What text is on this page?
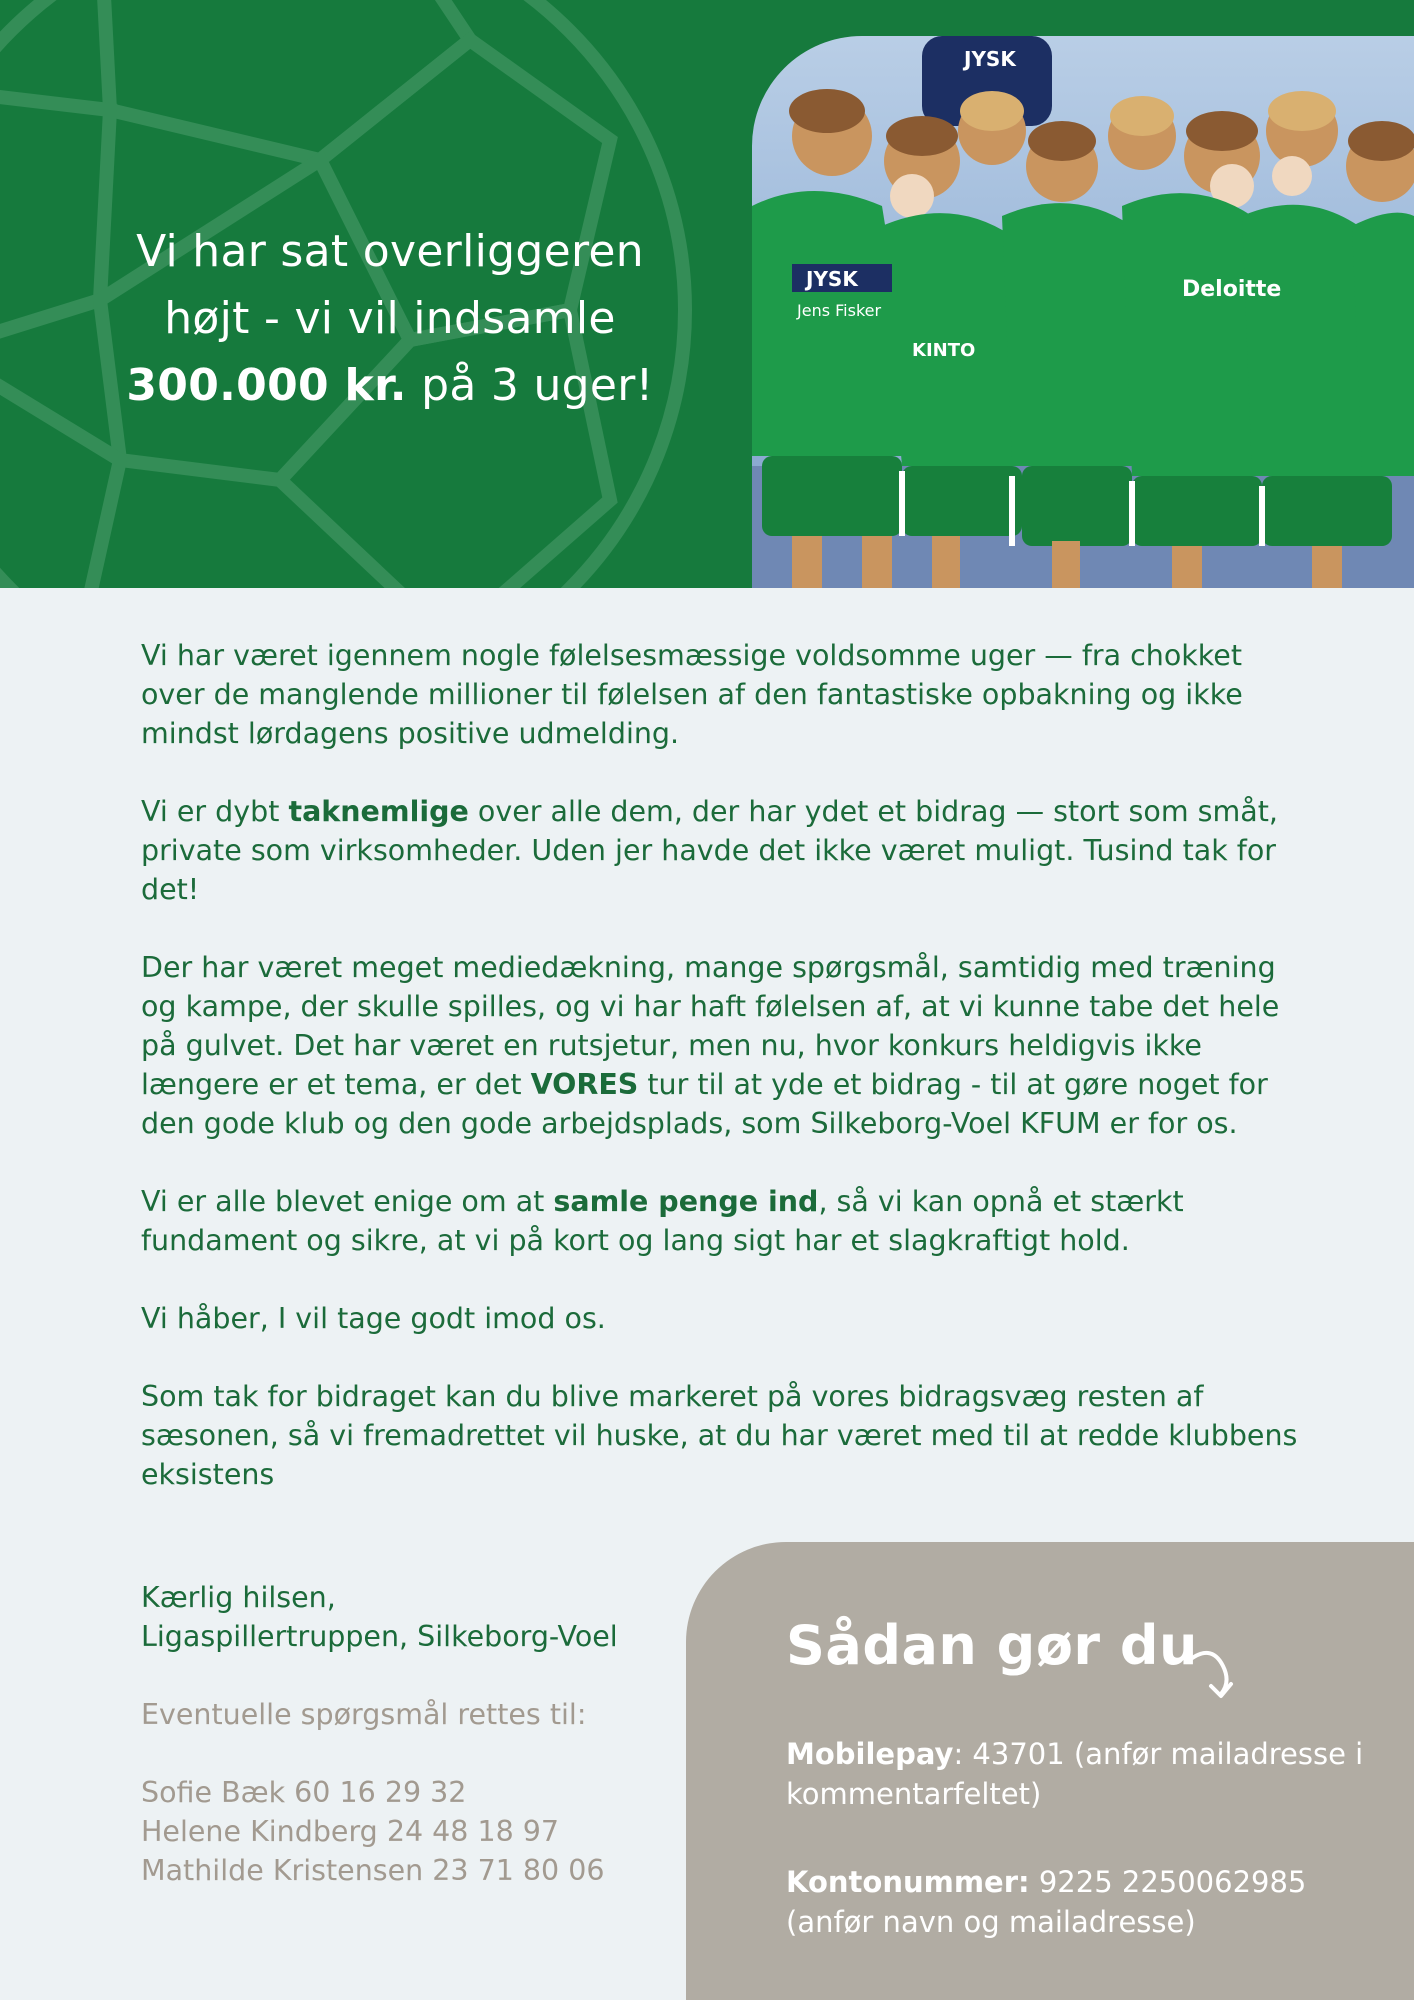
Vi har sat overliggeren
højt - vi vil indsamle
300.000 kr. på 3 uger!
JYSK
JYSK
Jens Fisker
Deloitte
KINTO

Vi har været igennem nogle følelsesmæssige voldsomme uger — fra chokket over de manglende millioner til følelsen af den fantastiske opbakning og ikke mindst lørdagens positive udmelding.

Vi er dybt taknemlige over alle dem, der har ydet et bidrag — stort som småt, private som virksomheder. Uden jer havde det ikke været muligt. Tusind tak for det!

Der har været meget mediedækning, mange spørgsmål, samtidig med træning og kampe, der skulle spilles, og vi har haft følelsen af, at vi kunne tabe det hele på gulvet. Det har været en rutsjetur, men nu, hvor konkurs heldigvis ikke længere er et tema, er det VORES tur til at yde et bidrag - til at gøre noget for den gode klub og den gode arbejdsplads, som Silkeborg-Voel KFUM er for os.

Vi er alle blevet enige om at samle penge ind, så vi kan opnå et stærkt fundament og sikre, at vi på kort og lang sigt har et slagkraftigt hold.

Vi håber, I vil tage godt imod os.

Som tak for bidraget kan du blive markeret på vores bidragsvæg resten af sæsonen, så vi fremadrettet vil huske, at du har været med til at redde klubbens eksistens

Kærlig hilsen,
Ligaspillertruppen, Silkeborg-Voel
Eventuelle spørgsmål rettes til:
Sofie Bæk 60 16 29 32
Helene Kindberg 24 48 18 97
Mathilde Kristensen 23 71 80 06
Sådan gør du

Mobilepay: 43701 (anfør mailadresse i kommentarfeltet)

Kontonummer: 9225 2250062985 (anfør navn og mailadresse)
